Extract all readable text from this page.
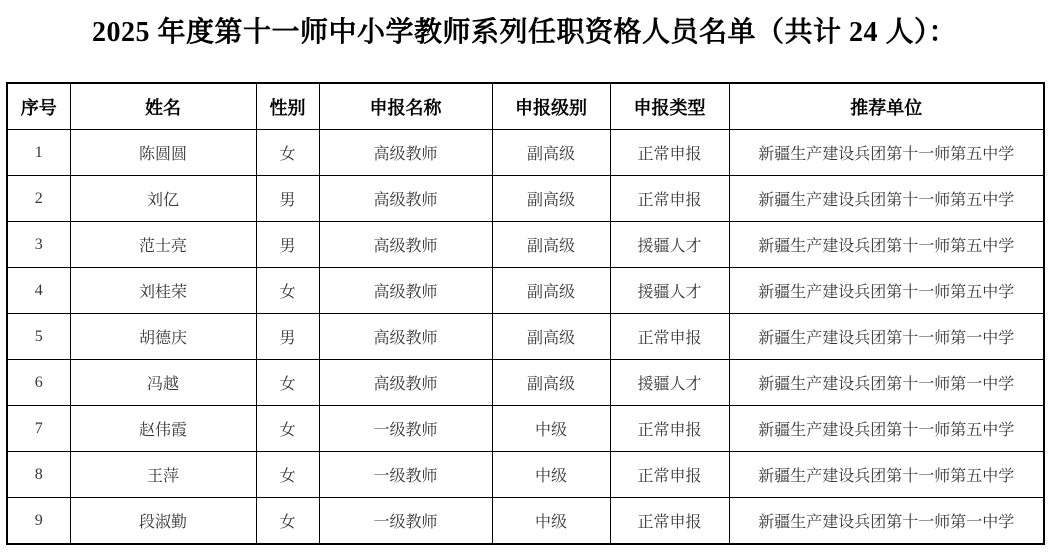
2025 年度第十一师中小学教师系列任职资格人员名单（共计 24 人）：
序号	姓名	性别	申报名称	申报级别	申报类型	推荐单位
1	陈圆圆	女	高级教师	副高级	正常申报	新疆生产建设兵团第十一师第五中学
2	刘亿	男	高级教师	副高级	正常申报	新疆生产建设兵团第十一师第五中学
3	范士亮	男	高级教师	副高级	援疆人才	新疆生产建设兵团第十一师第五中学
4	刘桂荣	女	高级教师	副高级	援疆人才	新疆生产建设兵团第十一师第五中学
5	胡德庆	男	高级教师	副高级	正常申报	新疆生产建设兵团第十一师第一中学
6	冯越	女	高级教师	副高级	援疆人才	新疆生产建设兵团第十一师第一中学
7	赵伟霞	女	一级教师	中级	正常申报	新疆生产建设兵团第十一师第五中学
8	王萍	女	一级教师	中级	正常申报	新疆生产建设兵团第十一师第五中学
9	段淑勤	女	一级教师	中级	正常申报	新疆生产建设兵团第十一师第一中学
